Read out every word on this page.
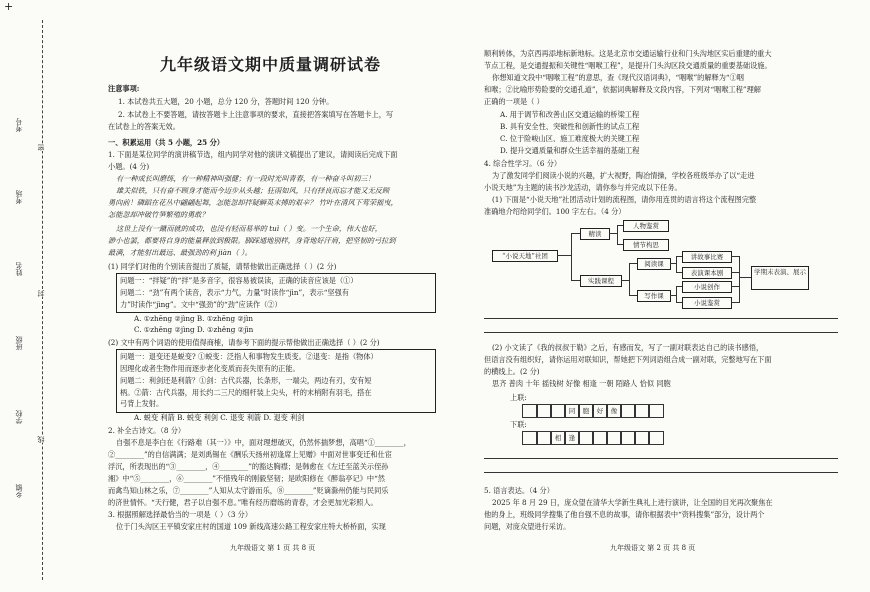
+
考号
考场
姓名
班级
学校
乡镇
密
封
线
九年级语文期中质量调研试卷
注意事项:
1. 本试卷共五大题，20 小题，总分 120 分，答题时间 120 分钟。
2. 本试卷上不要答题，请按答题卡上注意事项的要求，直接把答案填写在答题卡上，写
在试卷上的答案无效。
一、积累运用（共 5 小题，25 分）
1. 下面是某位同学的演讲稿节选，组内同学对他的演讲文稿提出了建议，请阅读后完成下面
小题。(4 分)
有一种成长叫磨练，有一种精神叫强健；有一段时光叫青春，有一种奋斗叫初三！
雄关似铁，只有奋不顾身才能而今迈步从头越；狂雨如风，只有择良而忘才能又无反顾
勇向前！磷蹈在花丛中翩翩起舞，怎能忽却拌疑瞬英末搏的艰辛？ 竹叶在清风下莺荣摇曳，
怎能忽却冲破竹笋繁殖的勇敢？
这世上没有一蹴而就的成功，也没有轻而易举的 tuì（ ）变。一个生命，伟大也好，
渺小也罢，都要将自身的能量释放到极限。脚踩通地别样，身背地好汗肩，把坚韧的弓拉到
最满，才能射出最远、最强劲的利 jiàn（ ）。
(1) 同学们对他的个别读音提出了质疑，请帮他做出正确选择（ ）(2 分)
问题一：“拌疑”的“拌”是多音字，很容易被误读，正确的读音应该是（①）
问题二：“劲”有两个读音，表示“力气，力量”时读作“jìn”，表示“坚强有
力”时读作“jìng”。文中“强劲”的“劲”应读作（②）
A. ①zhēng ②jìng B. ①zhēng ②jìn
C. ①zhěng ②jìng D. ①zhěng ②jìn
(2) 文中有两个词语的使用值得商榷，请参考下面的提示帮他做出正确选择（ ）(2 分)
问题一：退变还是蜕变? ①蜕变：泛指人和事物发生质变。②退变：是指（物体）
因理化或者生物作用而逐步老化变质而丧失原有的正能。
问题二：利剑还是利箭？①剑：古代兵器，长条形，一端尖，两边有刃，安有短
柄。②箭：古代兵器，用长约二三尺的细杆装上尖头，杆的末梢附有羽毛，搭在
弓背上发射。
A. 蜕变 利箭 B. 蜕变 利剑 C. 退变 利箭 D. 退变 利剑
2. 补全古诗文。（8 分）
自强不息是李白在《行路难（其一）》中，面对理想破灭，仍然怀揣梦想，高唱“①________，
②________”的自信满满；是刘禹锡在《酬乐天扬州初逢席上见赠》中面对世事变迁和仕宦
浮沉，所表现出的“③________，④________”的豁达胸襟；是韩愈在《左迁至蓝关示侄孙
湘》中“⑤________，⑥________”不惜残年的刚毅坚韧；是欧阳修在《醉翁亭记》中“然
而禽鸟知山林之乐，⑦________”人知从太守游而乐，⑧________”贬谪滁州仍能与民同乐
的济世情怀。“天行健，君子以自强不息。”唯有经历磨练的青春，才会更加光彩照人。
3. 根据照解选择最恰当的一项是（ ）（3 分）
位于门头沟区王平镇安家庄村的国道 109 新线高速公路工程安家庄特大桥桥面，实现
九年级语文 第 1 页 共 8 页
顺利转体，为京西再添地标新地标。这是北京市交通运输行业和门头沟地区实后重建的重大
节点工程，是交通提振和关键性“咽喉工程”，是提升门头沟区段交通质量的重要基础设施。
你想知道文段中“咽喉工程”的意思，查《现代汉语词典》，“咽喉”的解释为“①咽
和喉；②比喻形势险要的交通孔道”，依据词典解释及文段内容，下列对“咽喉工程”理解
正确的一项是（ ）
A. 用于调节和改善山区交通运输的桥梁工程
B. 具有安全性、突破性和创新性的试点工程
C. 位于险峻山区、施工难度极大的关键工程
D. 提升交通质量和群众生活幸福的基础工程
4. 综合性学习。（6 分）
为了激发同学们阅读小说的兴趣，扩大视野，陶冶情操，学校各班级举办了以“走进
小说天地”为主题的读书沙龙活动，请你参与并完成以下任务。
(1) 下面是“小说天地”社团活动计划的流程图，请你用连贯的语言将这个流程图完整
准确地介绍给同学们。100 字左右。（4 分）
“小说天地”社团
精读
人物鉴赏
情节构思
实践课程
阅读课
写作课
讲故事比赛
表演课本剧
小说创作
小说鉴赏
学期末表演、展示
(2) 小文读了《我的叔叔于勒》之后，有感而发，写了一副对联表达自己的读书感悟，
但语言没有组织好，请你运用对联知识，帮她把下列词语组合成一副对联，完整地写在下面
的横线上。(2 分)
思齐 普肉 十年 摇钱树 好像 相逢 一朝 陌路人 恰似 同胞
上联:
同	胞	好	像
下联:
相	逢
5. 语言表达。（4 分）
2025 年 8 月 29 日，庞众望在清华大学新生典礼上进行演讲，让全国的目光再次聚焦在
他的身上，班级同学搜集了他自强不息的故事，请你根据表中“资料搜集”部分，设计两个
问题，对庞众望进行采访。
九年级语文 第 2 页 共 8 页
